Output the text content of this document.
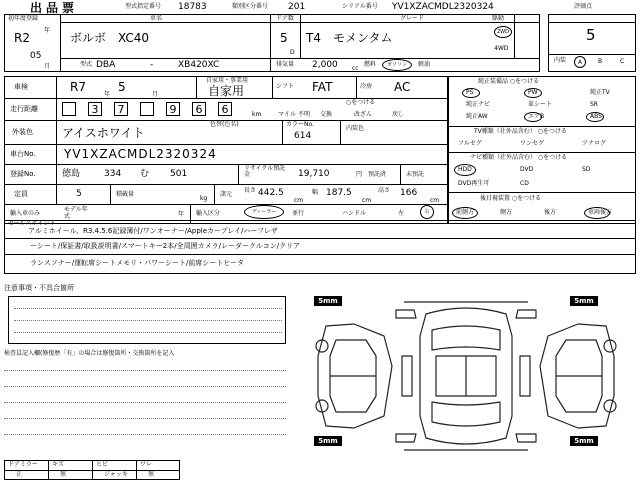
出品票	型式指定番号 18783	類別区分番号 201	シリアル番号 YV1XZACMDL2320324
初年度登録
R2
年
05
月
車名
ボルボ　XC40
ドア数
5
D
グレード
T4　モメンタム
駆動
2WD
4WD
型式 DBA	-	XB420XC	排気量 2,000 cc
燃料	ガソリン	軽油
評価点
5
内装	A	B	C
車検	R7
年
5
月
自家用・事業用
自家用	シフト FAT	冷房 AC
走行距離	3	7	9	6	6	km	マイル
○をつける
不明 交換	改ざん	戻し
外装色 アイスホワイト
色替(色名)	カラーNo.
614
内装色
車台No. YV1XZACMDL2320324
登録No.	徳島	334 む 501
リサイクル預託金	19,710	円 預託済	未預託
定員	5	積載量
kg
諸元
長さ 442.5
cm
幅 187.5
cm
高さ 166
cm
輸入車のみ
モデル年式	年 輸入区分	ディーラー	並行	ハンドル	左	右
純正装備品 ○をつける
PS	PW	純正TV
純正ナビ	革シート	SR
純正AW	エアB	ABS
TV種類（社外品含む） ○をつける
フルセグ	ワンセグ	アナログ
ナビ種類（社外品含む） ○をつける
HDD	DVD	SD
DVD再生可	CD
後目視装置 ○をつける
前側方	側方	後方	車両後方
セールスポイント
アルミホイール、R3.4.5.6記録簿付/ワンオーナー/Appleカープレイ/ハーフレザ
ーシート/保証書/取扱説明書/スマートキー2本/全周囲カメラ/レーダークルコン/クリア
ランスソナー/運転席シートメモリ・パワーシート/前席シートヒータ
注意事項・不具合箇所
検査員記入欄(修復歴「有」の場合は修復箇所・交換箇所を記入
ドアミラー キズ	ヒビ	ワレ
正	無	ジャッキ	無
5mm	5mm
5mm	5mm
